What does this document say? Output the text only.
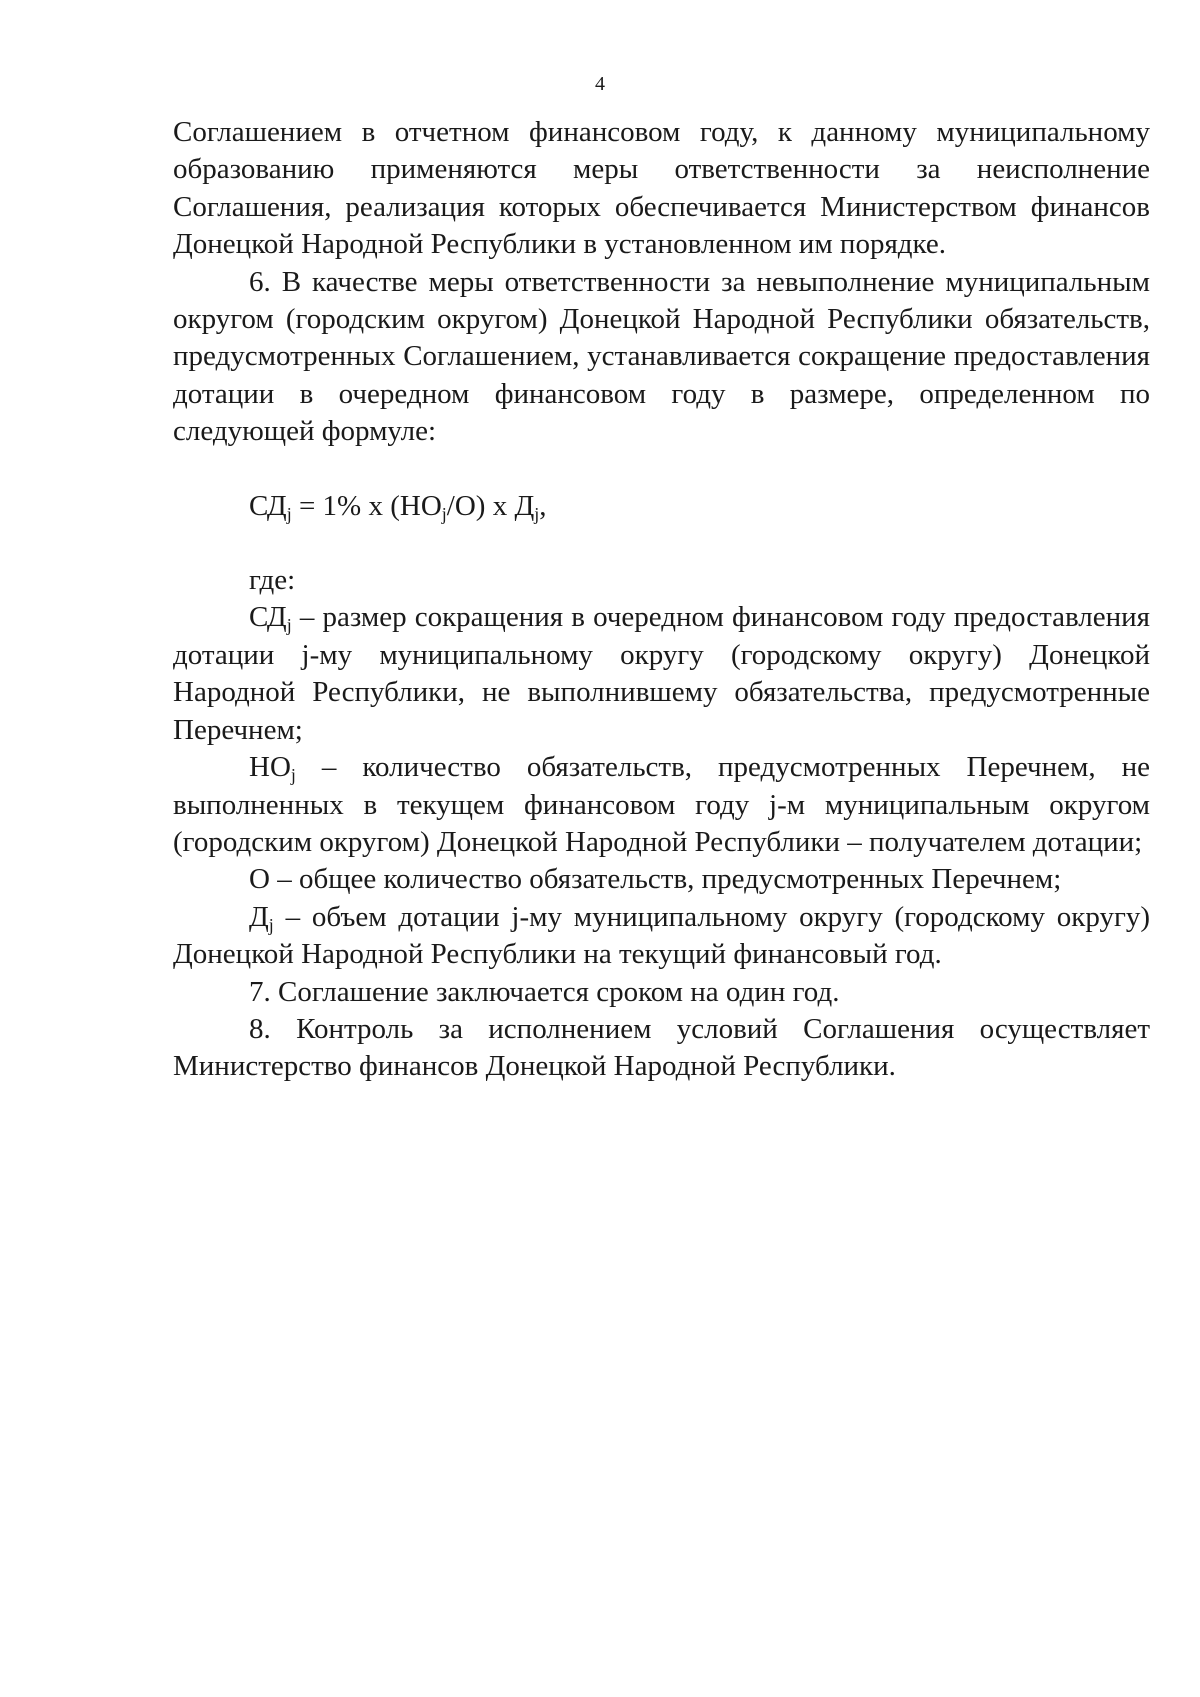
4

Соглашением в отчетном финансовом году, к данному муниципальному образованию применяются меры ответственности за неисполнение Соглашения, реализация которых обеспечивается Министерством финансов Донецкой Народной Республики в установленном им порядке.

6. В качестве меры ответственности за невыполнение муниципальным округом (городским округом) Донецкой Народной Республики обязательств, предусмотренных Соглашением, устанавливается сокращение предоставления дотации в очередном финансовом году в размере, определенном по следующей формуле:

$СД_j = 1\%$ х $(НО_j/О)$ х $Д_j$,

где:

$СД_j$ – размер сокращения в очередном финансовом году предоставления дотации j-му муниципальному округу (городскому округу) Донецкой Народной Республики, не выполнившему обязательства, предусмотренные Перечнем;

$НО_j$ – количество обязательств, предусмотренных Перечнем, не выполненных в текущем финансовом году j-м муниципальным округом (городским округом) Донецкой Народной Республики – получателем дотации;

О – общее количество обязательств, предусмотренных Перечнем;

$Д_j$ – объем дотации j-му муниципальному округу (городскому округу) Донецкой Народной Республики на текущий финансовый год.

7. Соглашение заключается сроком на один год.

8. Контроль за исполнением условий Соглашения осуществляет Министерство финансов Донецкой Народной Республики.
